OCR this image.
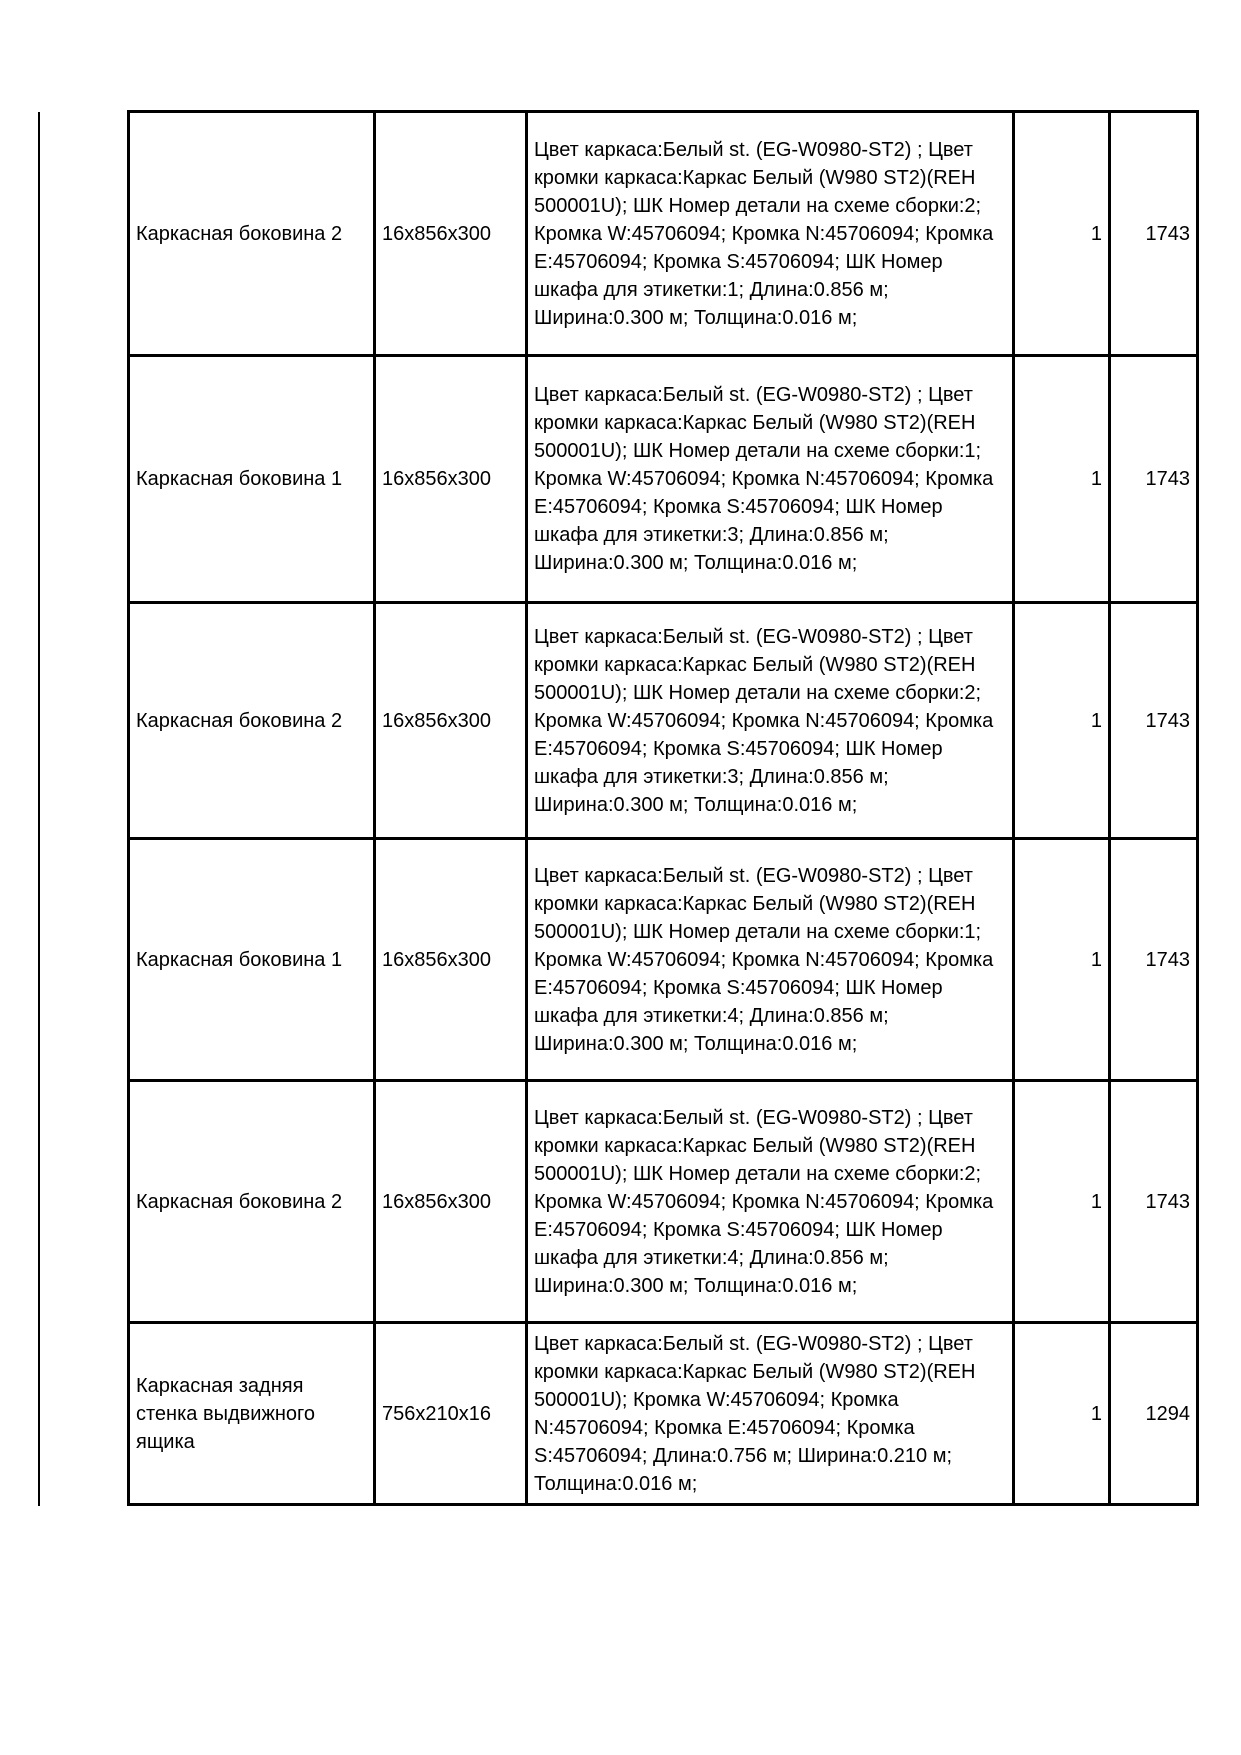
Каркасная боковина 2	16x856x300	Цвет каркаса:Белый st. (EG-W0980-ST2) ; Цвет кромки каркаса:Каркас Белый (W980 ST2)(REH 500001U); ШК Номер детали на схеме сборки:2; Кромка W:45706094; Кромка N:45706094; Кромка E:45706094; Кромка S:45706094; ШК Номер шкафа для этикетки:1; Длина:0.856 м; Ширина:0.300 м; Толщина:0.016 м;	1	1743
Каркасная боковина 1	16x856x300	Цвет каркаса:Белый st. (EG-W0980-ST2) ; Цвет кромки каркаса:Каркас Белый (W980 ST2)(REH 500001U); ШК Номер детали на схеме сборки:1; Кромка W:45706094; Кромка N:45706094; Кромка E:45706094; Кромка S:45706094; ШК Номер шкафа для этикетки:3; Длина:0.856 м; Ширина:0.300 м; Толщина:0.016 м;	1	1743
Каркасная боковина 2	16x856x300	Цвет каркаса:Белый st. (EG-W0980-ST2) ; Цвет кромки каркаса:Каркас Белый (W980 ST2)(REH 500001U); ШК Номер детали на схеме сборки:2; Кромка W:45706094; Кромка N:45706094; Кромка E:45706094; Кромка S:45706094; ШК Номер шкафа для этикетки:3; Длина:0.856 м; Ширина:0.300 м; Толщина:0.016 м;	1	1743
Каркасная боковина 1	16x856x300	Цвет каркаса:Белый st. (EG-W0980-ST2) ; Цвет кромки каркаса:Каркас Белый (W980 ST2)(REH 500001U); ШК Номер детали на схеме сборки:1; Кромка W:45706094; Кромка N:45706094; Кромка E:45706094; Кромка S:45706094; ШК Номер шкафа для этикетки:4; Длина:0.856 м; Ширина:0.300 м; Толщина:0.016 м;	1	1743
Каркасная боковина 2	16x856x300	Цвет каркаса:Белый st. (EG-W0980-ST2) ; Цвет кромки каркаса:Каркас Белый (W980 ST2)(REH 500001U); ШК Номер детали на схеме сборки:2; Кромка W:45706094; Кромка N:45706094; Кромка E:45706094; Кромка S:45706094; ШК Номер шкафа для этикетки:4; Длина:0.856 м; Ширина:0.300 м; Толщина:0.016 м;	1	1743
Каркасная задняя стенка выдвижного ящика	756x210x16	Цвет каркаса:Белый st. (EG-W0980-ST2) ; Цвет кромки каркаса:Каркас Белый (W980 ST2)(REH 500001U); Кромка W:45706094; Кромка N:45706094; Кромка E:45706094; Кромка S:45706094; Длина:0.756 м; Ширина:0.210 м; Толщина:0.016 м;	1	1294
